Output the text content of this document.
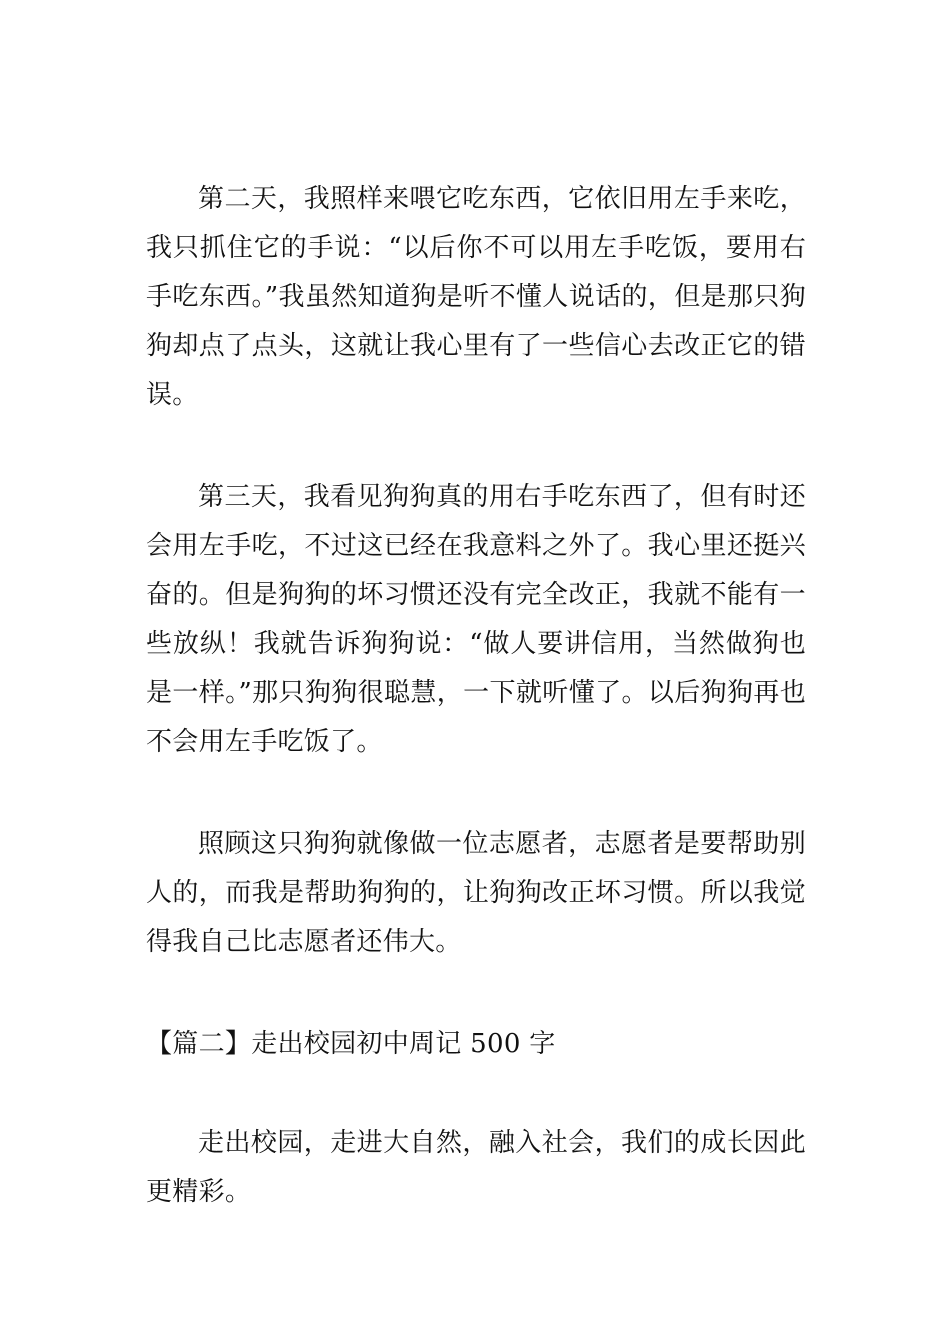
第二天，我照样来喂它吃东西，它依旧用左手来吃，我只抓住它的手说：“以后你不可以用左手吃饭，要用右手吃东西。”我虽然知道狗是听不懂人说话的，但是那只狗狗却点了点头，这就让我心里有了一些信心去改正它的错误。

第三天，我看见狗狗真的用右手吃东西了，但有时还会用左手吃，不过这已经在我意料之外了。我心里还挺兴奋的。但是狗狗的坏习惯还没有完全改正，我就不能有一些放纵！我就告诉狗狗说：“做人要讲信用，当然做狗也是一样。”那只狗狗很聪慧，一下就听懂了。以后狗狗再也不会用左手吃饭了。

照顾这只狗狗就像做一位志愿者，志愿者是要帮助别人的，而我是帮助狗狗的，让狗狗改正坏习惯。所以我觉得我自己比志愿者还伟大。

【篇二】走出校园初中周记 500 字

走出校园，走进大自然，融入社会，我们的成长因此更精彩。
